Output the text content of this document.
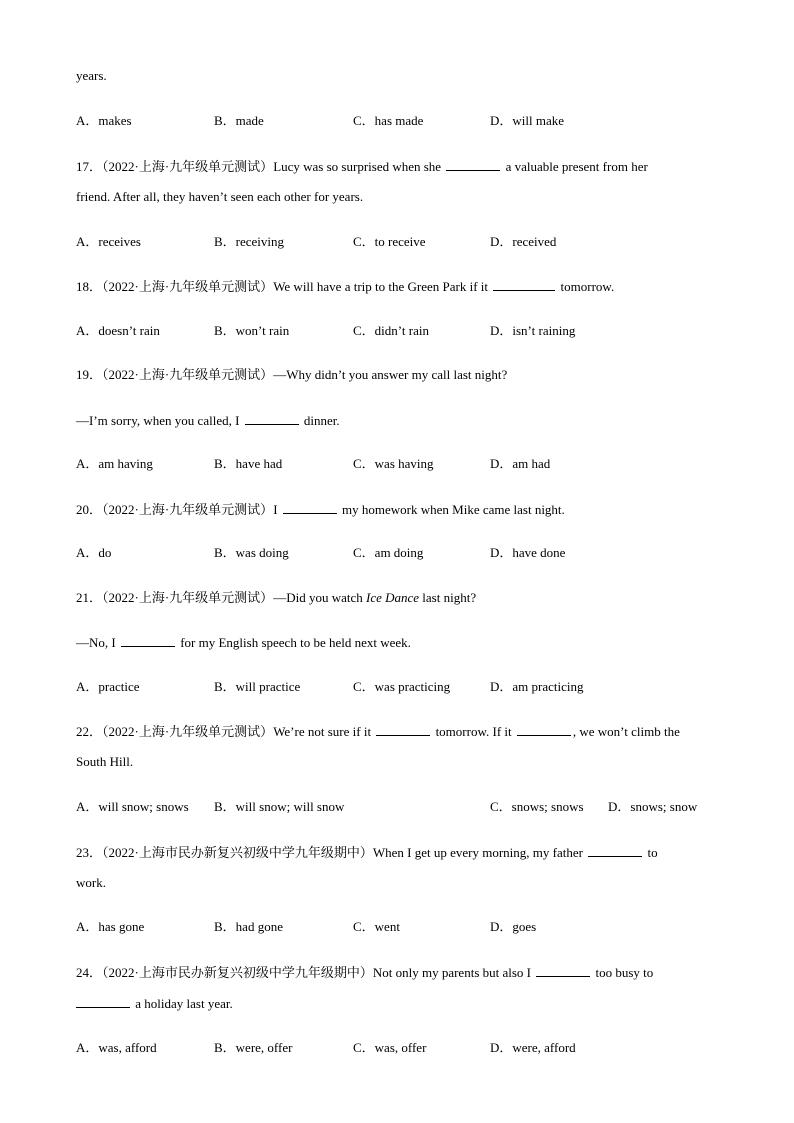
years.
A．makes	B．made	C．has made	D．will make
17．（2022·上海·九年级单元测试）Lucy was so surprised when she	a valuable present from her
friend. After all, they haven’t seen each other for years.
A．receives	B．receiving	C．to receive	D．received
18．（2022·上海·九年级单元测试）We will have a trip to the Green Park if it	tomorrow.
A．doesn’t rain	B．won’t rain	C．didn’t rain	D．isn’t raining
19．（2022·上海·九年级单元测试）—Why didn’t you answer my call last night?
—I’m sorry, when you called, I	dinner.
A．am having	B．have had	C．was having	D．am had
20．（2022·上海·九年级单元测试）I	my homework when Mike came last night.
A．do	B．was doing	C．am doing	D．have done
21．（2022·上海·九年级单元测试）—Did you watch Ice Dance last night?
—No, I	for my English speech to be held next week.
A．practice	B．will practice	C．was practicing	D．am practicing
22．（2022·上海·九年级单元测试）We’re not sure if it	tomorrow. If it	, we won’t climb the
South Hill.
A．will snow; snows B．will snow; will snow	C．snows; snows D．snows; snow
23．（2022·上海市民办新复兴初级中学九年级期中）When I get up every morning, my father	to
work.
A．has gone	B．had gone	C．went	D．goes
24．（2022·上海市民办新复兴初级中学九年级期中）Not only my parents but also I	too busy to
a holiday last year.
A．was, afford	B．were, offer	C．was, offer	D．were, afford
